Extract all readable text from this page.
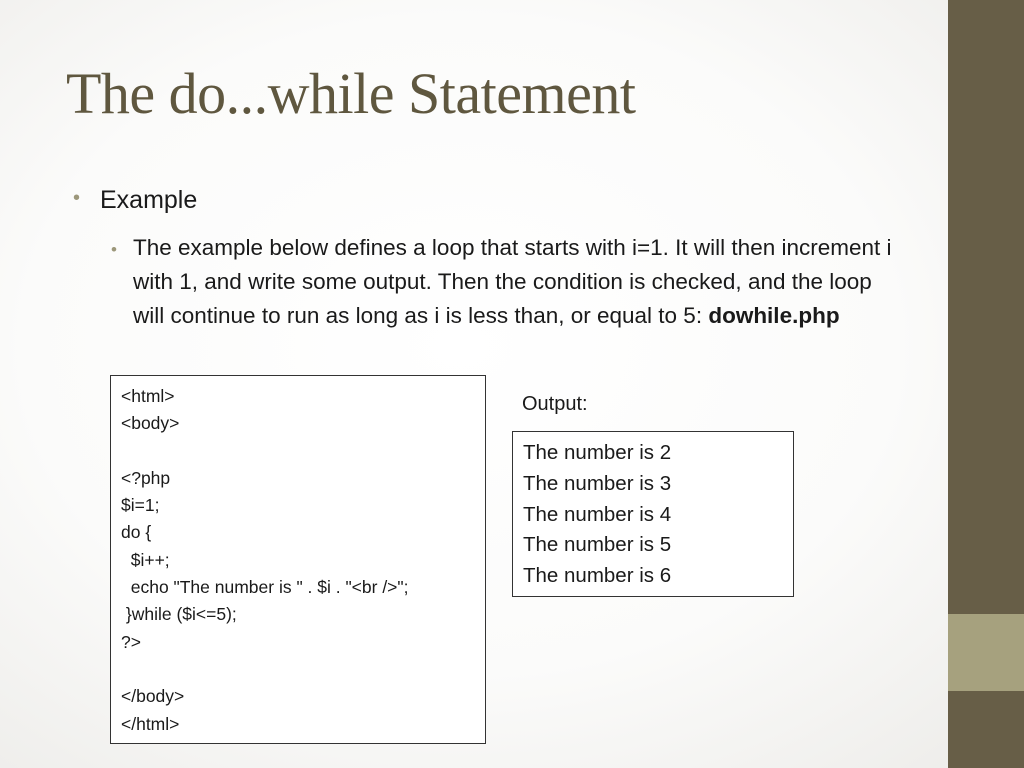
The do...while Statement
• Example
• The example below defines a loop that starts with i=1. It will then increment i with 1, and write some output. Then the condition is checked, and the loop will continue to run as long as i is less than, or equal to 5: dowhile.php
<html>
<body>
<?php
$i=1;
do {
$i++;
echo "The number is " . $i . "<br />";
}while ($i<=5);
?>
</body>
</html>
Output:
The number is 2
The number is 3
The number is 4
The number is 5
The number is 6
